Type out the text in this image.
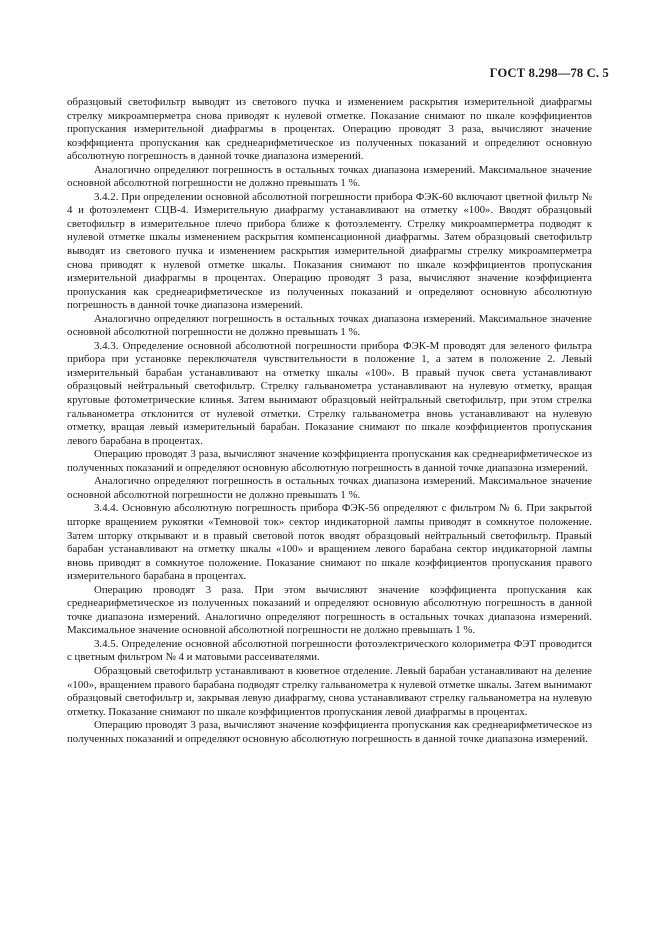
ГОСТ 8.298—78 С. 5

образцовый светофильтр выводят из светового пучка и изменением раскрытия измерительной диафрагмы стрелку микроамперметра снова приводят к нулевой отметке. Показание снимают по шкале коэффициентов пропускания измерительной диафрагмы в процентах. Операцию проводят 3 раза, вычисляют значение коэффициента пропускания как среднеарифметическое из полученных показаний и определяют основную абсолютную погрешность в данной точке диапазона измерений.

Аналогично определяют погрешность в остальных точках диапазона измерений. Максимальное значение основной абсолютной погрешности не должно превышать 1 %.

3.4.2. При определении основной абсолютной погрешности прибора ФЭК-60 включают цветной фильтр № 4 и фотоэлемент СЦВ-4. Измерительную диафрагму устанавливают на отметку «100». Вводят образцовый светофильтр в измерительное плечо прибора ближе к фотоэлементу. Стрелку микроамперметра подводят к нулевой отметке шкалы изменением раскрытия компенсационной диафрагмы. Затем образцовый светофильтр выводят из светового пучка и изменением раскрытия измерительной диафрагмы стрелку микроамперметра снова приводят к нулевой отметке шкалы. Показания снимают по шкале коэффициентов пропускания измерительной диафрагмы в процентах. Операцию проводят 3 раза, вычисляют значение коэффициента пропускания как среднеарифметическое из полученных показаний и определяют основную абсолютную погрешность в данной точке диапазона измерений.

Аналогично определяют погрешность в остальных точках диапазона измерений. Максимальное значение основной абсолютной погрешности не должно превышать 1 %.

3.4.3. Определение основной абсолютной погрешности прибора ФЭК-М проводят для зеленого фильтра прибора при установке переключателя чувствительности в положение 1, а затем в положение 2. Левый измерительный барабан устанавливают на отметку шкалы «100». В правый пучок света устанавливают образцовый нейтральный светофильтр. Стрелку гальванометра устанавливают на нулевую отметку, вращая круговые фотометрические клинья. Затем вынимают образцовый нейтральный светофильтр, при этом стрелка гальванометра отклонится от нулевой отметки. Стрелку гальванометра вновь устанавливают на нулевую отметку, вращая левый измерительный барабан. Показание снимают по шкале коэффициентов пропускания левого барабана в процентах.

Операцию проводят 3 раза, вычисляют значение коэффициента пропускания как среднеарифметическое из полученных показаний и определяют основную абсолютную погрешность в данной точке диапазона измерений.

Аналогично определяют погрешность в остальных точках диапазона измерений. Максимальное значение основной абсолютной погрешности не должно превышать 1 %.

3.4.4. Основную абсолютную погрешность прибора ФЭК-56 определяют с фильтром № 6. При закрытой шторке вращением рукоятки «Темновой ток» сектор индикаторной лампы приводят в сомкнутое положение. Затем шторку открывают и в правый световой поток вводят образцовый нейтральный светофильтр. Правый барабан устанавливают на отметку шкалы «100» и вращением левого барабана сектор индикаторной лампы вновь приводят в сомкнутое положение. Показание снимают по шкале коэффициентов пропускания правого измерительного барабана в процентах.

Операцию проводят 3 раза. При этом вычисляют значение коэффициента пропускания как среднеарифметическое из полученных показаний и определяют основную абсолютную погрешность в данной точке диапазона измерений. Аналогично определяют погрешность в остальных точках диапазона измерений. Максимальное значение основной абсолютной погрешности не должно превышать 1 %.

3.4.5. Определение основной абсолютной погрешности фотоэлектрического колориметра ФЭТ проводится с цветным фильтром № 4 и матовыми рассеивателями.

Образцовый светофильтр устанавливают в кюветное отделение. Левый барабан устанавливают на деление «100», вращением правого барабана подводят стрелку гальванометра к нулевой отметке шкалы. Затем вынимают образцовый светофильтр и, закрывая левую диафрагму, снова устанавливают стрелку гальванометра на нулевую отметку. Показание снимают по шкале коэффициентов пропускания левой диафрагмы в процентах.

Операцию проводят 3 раза, вычисляют значение коэффициента пропускания как среднеарифметическое из полученных показаний и определяют основную абсолютную погрешность в данной точке диапазона измерений.
